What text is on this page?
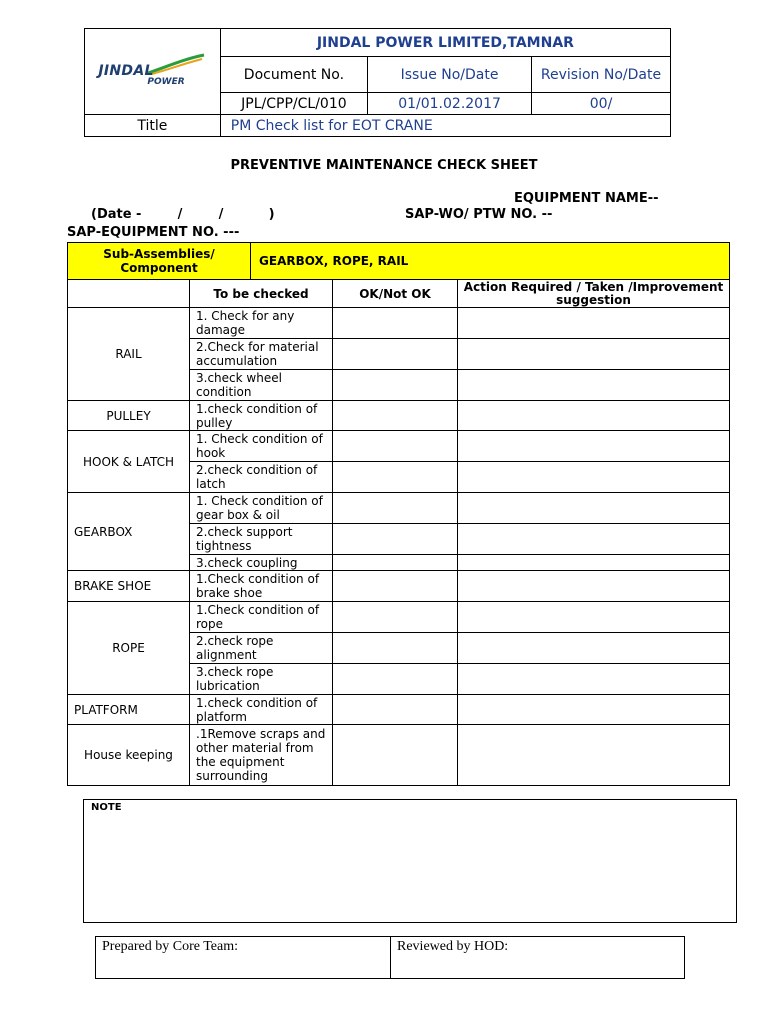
JINDAL
POWER	JINDAL POWER LIMITED,TAMNAR		
	Document No.	Issue No/Date	Revision No/Date
	JPL/CPP/CL/010	01/01.02.2017	00/
Title	PM Check list for EOT CRANE		
PREVENTIVE MAINTENANCE CHECK SHEET
EQUIPMENT NAME--
(Date -        /        /          )	SAP-WO/ PTW NO. --
SAP-EQUIPMENT NO. ---
Sub-Assemblies/ Component		GEARBOX, ROPE, RAIL		
	To be checked		OK/Not OK	Action Required / Taken /Improvement suggestion
RAIL	1. Check for any damage			
	2.Check for material accumulation			
	3.check wheel condition			
PULLEY	1.check condition of pulley			
HOOK & LATCH	1. Check condition of hook			
	2.check condition of latch			
GEARBOX	1. Check condition of gear box & oil			
	2.check support tightness			
	3.check coupling			
BRAKE SHOE	1.Check condition of brake shoe			
ROPE	1.Check condition of rope			
	2.check rope alignment			
	3.check rope lubrication			
PLATFORM	1.check condition of platform			
House keeping	.1Remove scraps and other material from the equipment surrounding			
NOTE
Prepared by Core Team:	Reviewed by HOD:
